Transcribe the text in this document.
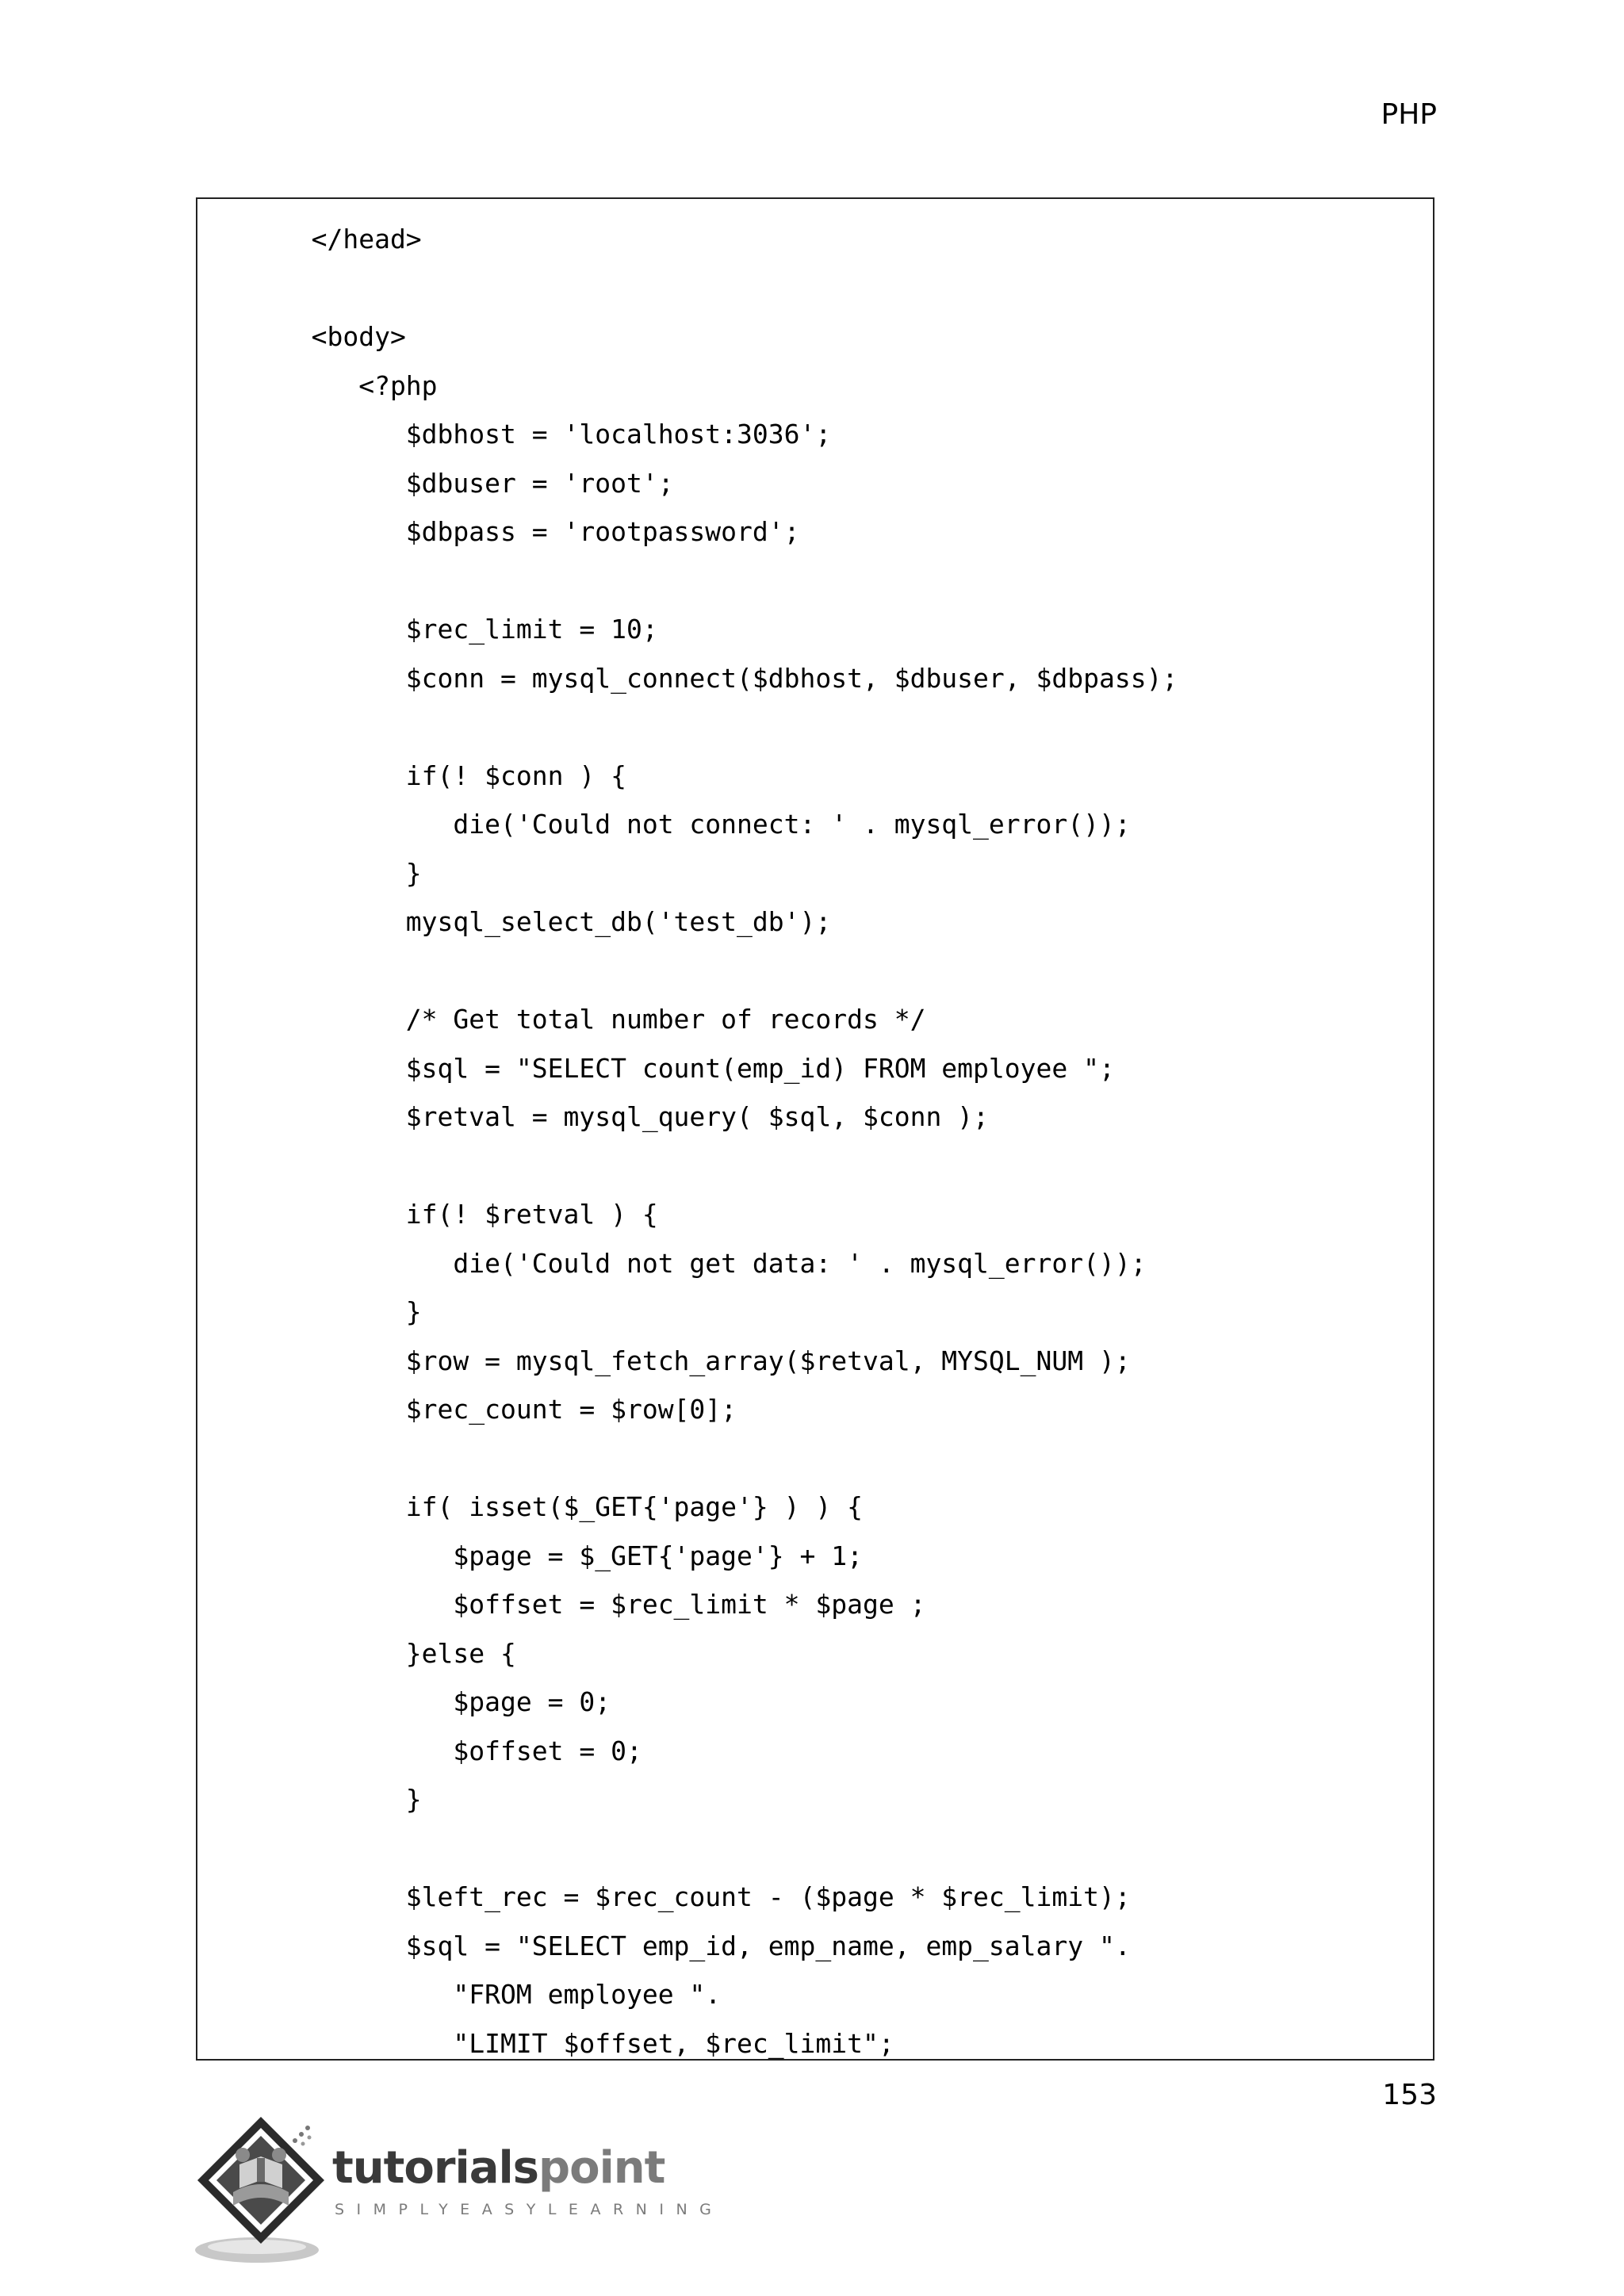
PHP
</head>
<body>
<?php
$dbhost = 'localhost:3036';
$dbuser = 'root';
$dbpass = 'rootpassword';
$rec_limit = 10;
$conn = mysql_connect($dbhost, $dbuser, $dbpass);
if(! $conn ) {
die('Could not connect: ' . mysql_error());
}
mysql_select_db('test_db');
/* Get total number of records */
$sql = "SELECT count(emp_id) FROM employee ";
$retval = mysql_query( $sql, $conn );
if(! $retval ) {
die('Could not get data: ' . mysql_error());
}
$row = mysql_fetch_array($retval, MYSQL_NUM );
$rec_count = $row[0];
if( isset($_GET{'page'} ) ) {
$page = $_GET{'page'} + 1;
$offset = $rec_limit * $page ;
}else {
$page = 0;
$offset = 0;
}
$left_rec = $rec_count - ($page * $rec_limit);
$sql = "SELECT emp_id, emp_name, emp_salary ".
"FROM employee ".
"LIMIT $offset, $rec_limit";
153
tutorialspoint
SIMPLYEASYLEARNING
